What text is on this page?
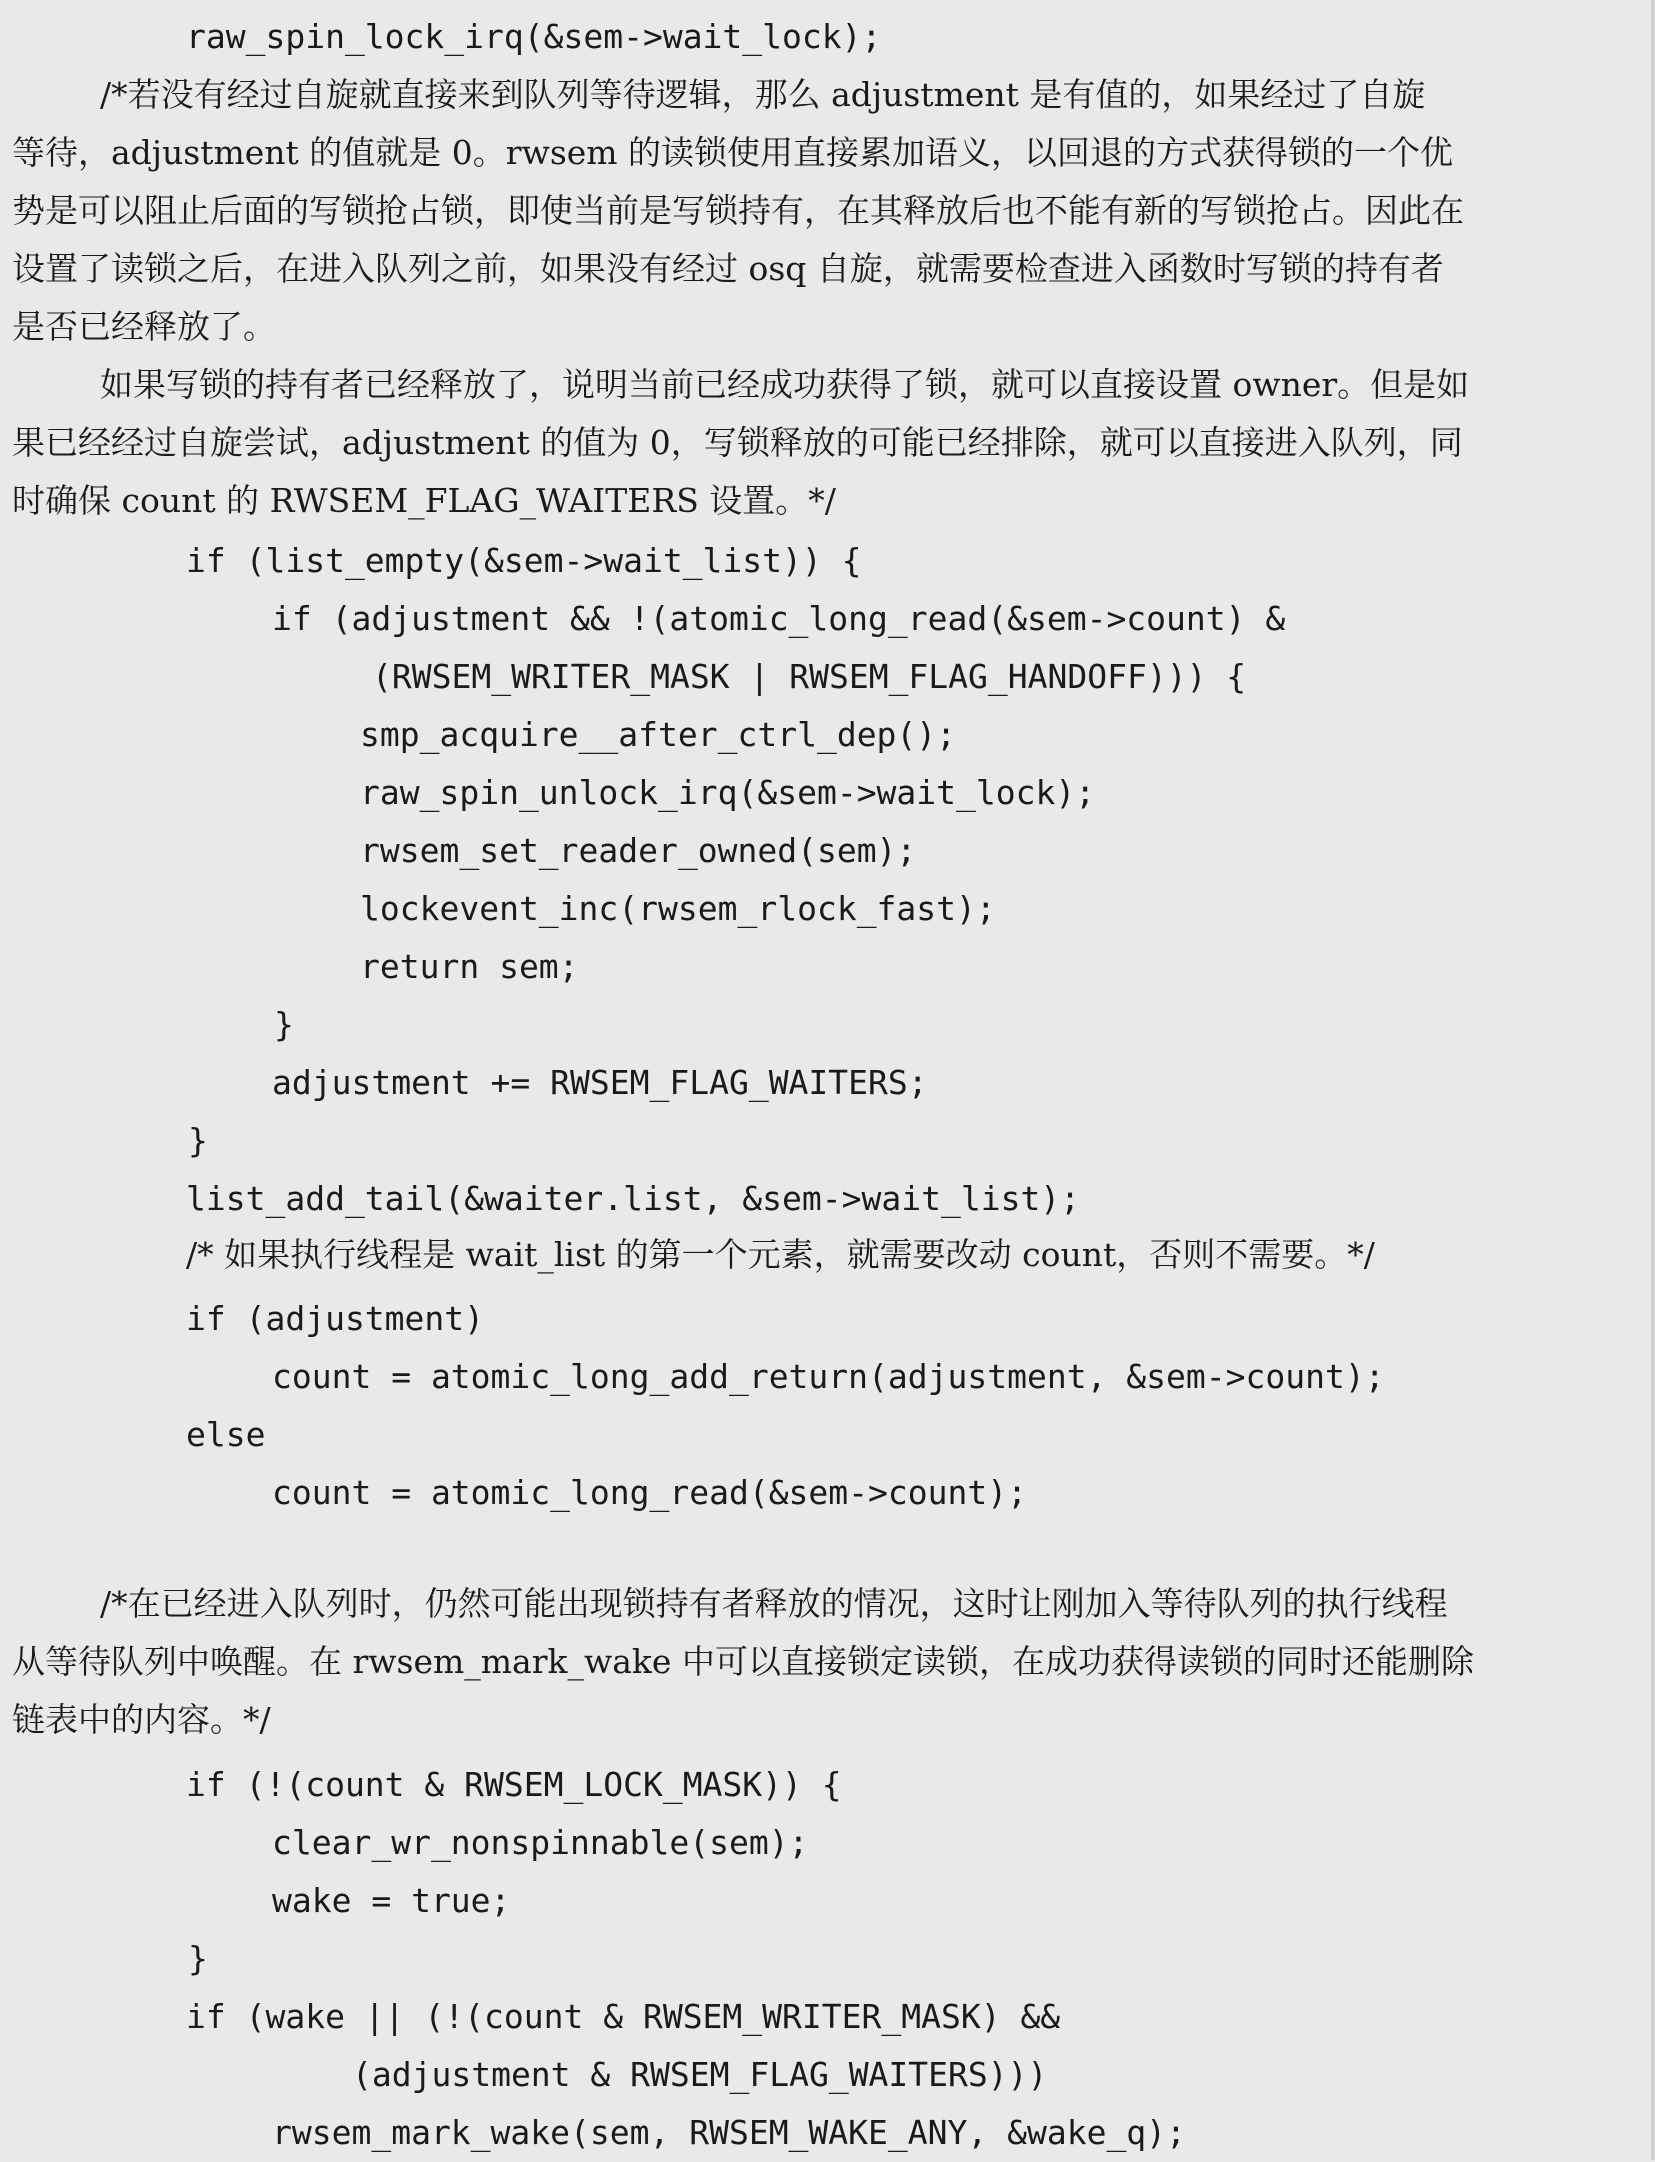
raw_spin_lock_irq(&sem->wait_lock);
/*若没有经过自旋就直接来到队列等待逻辑，那么 adjustment 是有值的，如果经过了自旋
等待，adjustment 的值就是 0。rwsem 的读锁使用直接累加语义，以回退的方式获得锁的一个优
势是可以阻止后面的写锁抢占锁，即使当前是写锁持有，在其释放后也不能有新的写锁抢占。因此在
设置了读锁之后，在进入队列之前，如果没有经过 osq 自旋，就需要检查进入函数时写锁的持有者
是否已经释放了。
如果写锁的持有者已经释放了，说明当前已经成功获得了锁，就可以直接设置 owner。但是如
果已经经过自旋尝试，adjustment 的值为 0，写锁释放的可能已经排除，就可以直接进入队列，同
时确保 count 的 RWSEM_FLAG_WAITERS 设置。*/
if (list_empty(&sem->wait_list)) {
if (adjustment && !(atomic_long_read(&sem->count) &
(RWSEM_WRITER_MASK | RWSEM_FLAG_HANDOFF))) {
smp_acquire__after_ctrl_dep();
raw_spin_unlock_irq(&sem->wait_lock);
rwsem_set_reader_owned(sem);
lockevent_inc(rwsem_rlock_fast);
return sem;
}
adjustment += RWSEM_FLAG_WAITERS;
}
list_add_tail(&waiter.list, &sem->wait_list);
/* 如果执行线程是 wait_list 的第一个元素，就需要改动 count，否则不需要。*/
if (adjustment)
count = atomic_long_add_return(adjustment, &sem->count);
else
count = atomic_long_read(&sem->count);
/*在已经进入队列时，仍然可能出现锁持有者释放的情况，这时让刚加入等待队列的执行线程
从等待队列中唤醒。在 rwsem_mark_wake 中可以直接锁定读锁，在成功获得读锁的同时还能删除
链表中的内容。*/
if (!(count & RWSEM_LOCK_MASK)) {
clear_wr_nonspinnable(sem);
wake = true;
}
if (wake || (!(count & RWSEM_WRITER_MASK) &&
(adjustment & RWSEM_FLAG_WAITERS)))
rwsem_mark_wake(sem, RWSEM_WAKE_ANY, &wake_q);
